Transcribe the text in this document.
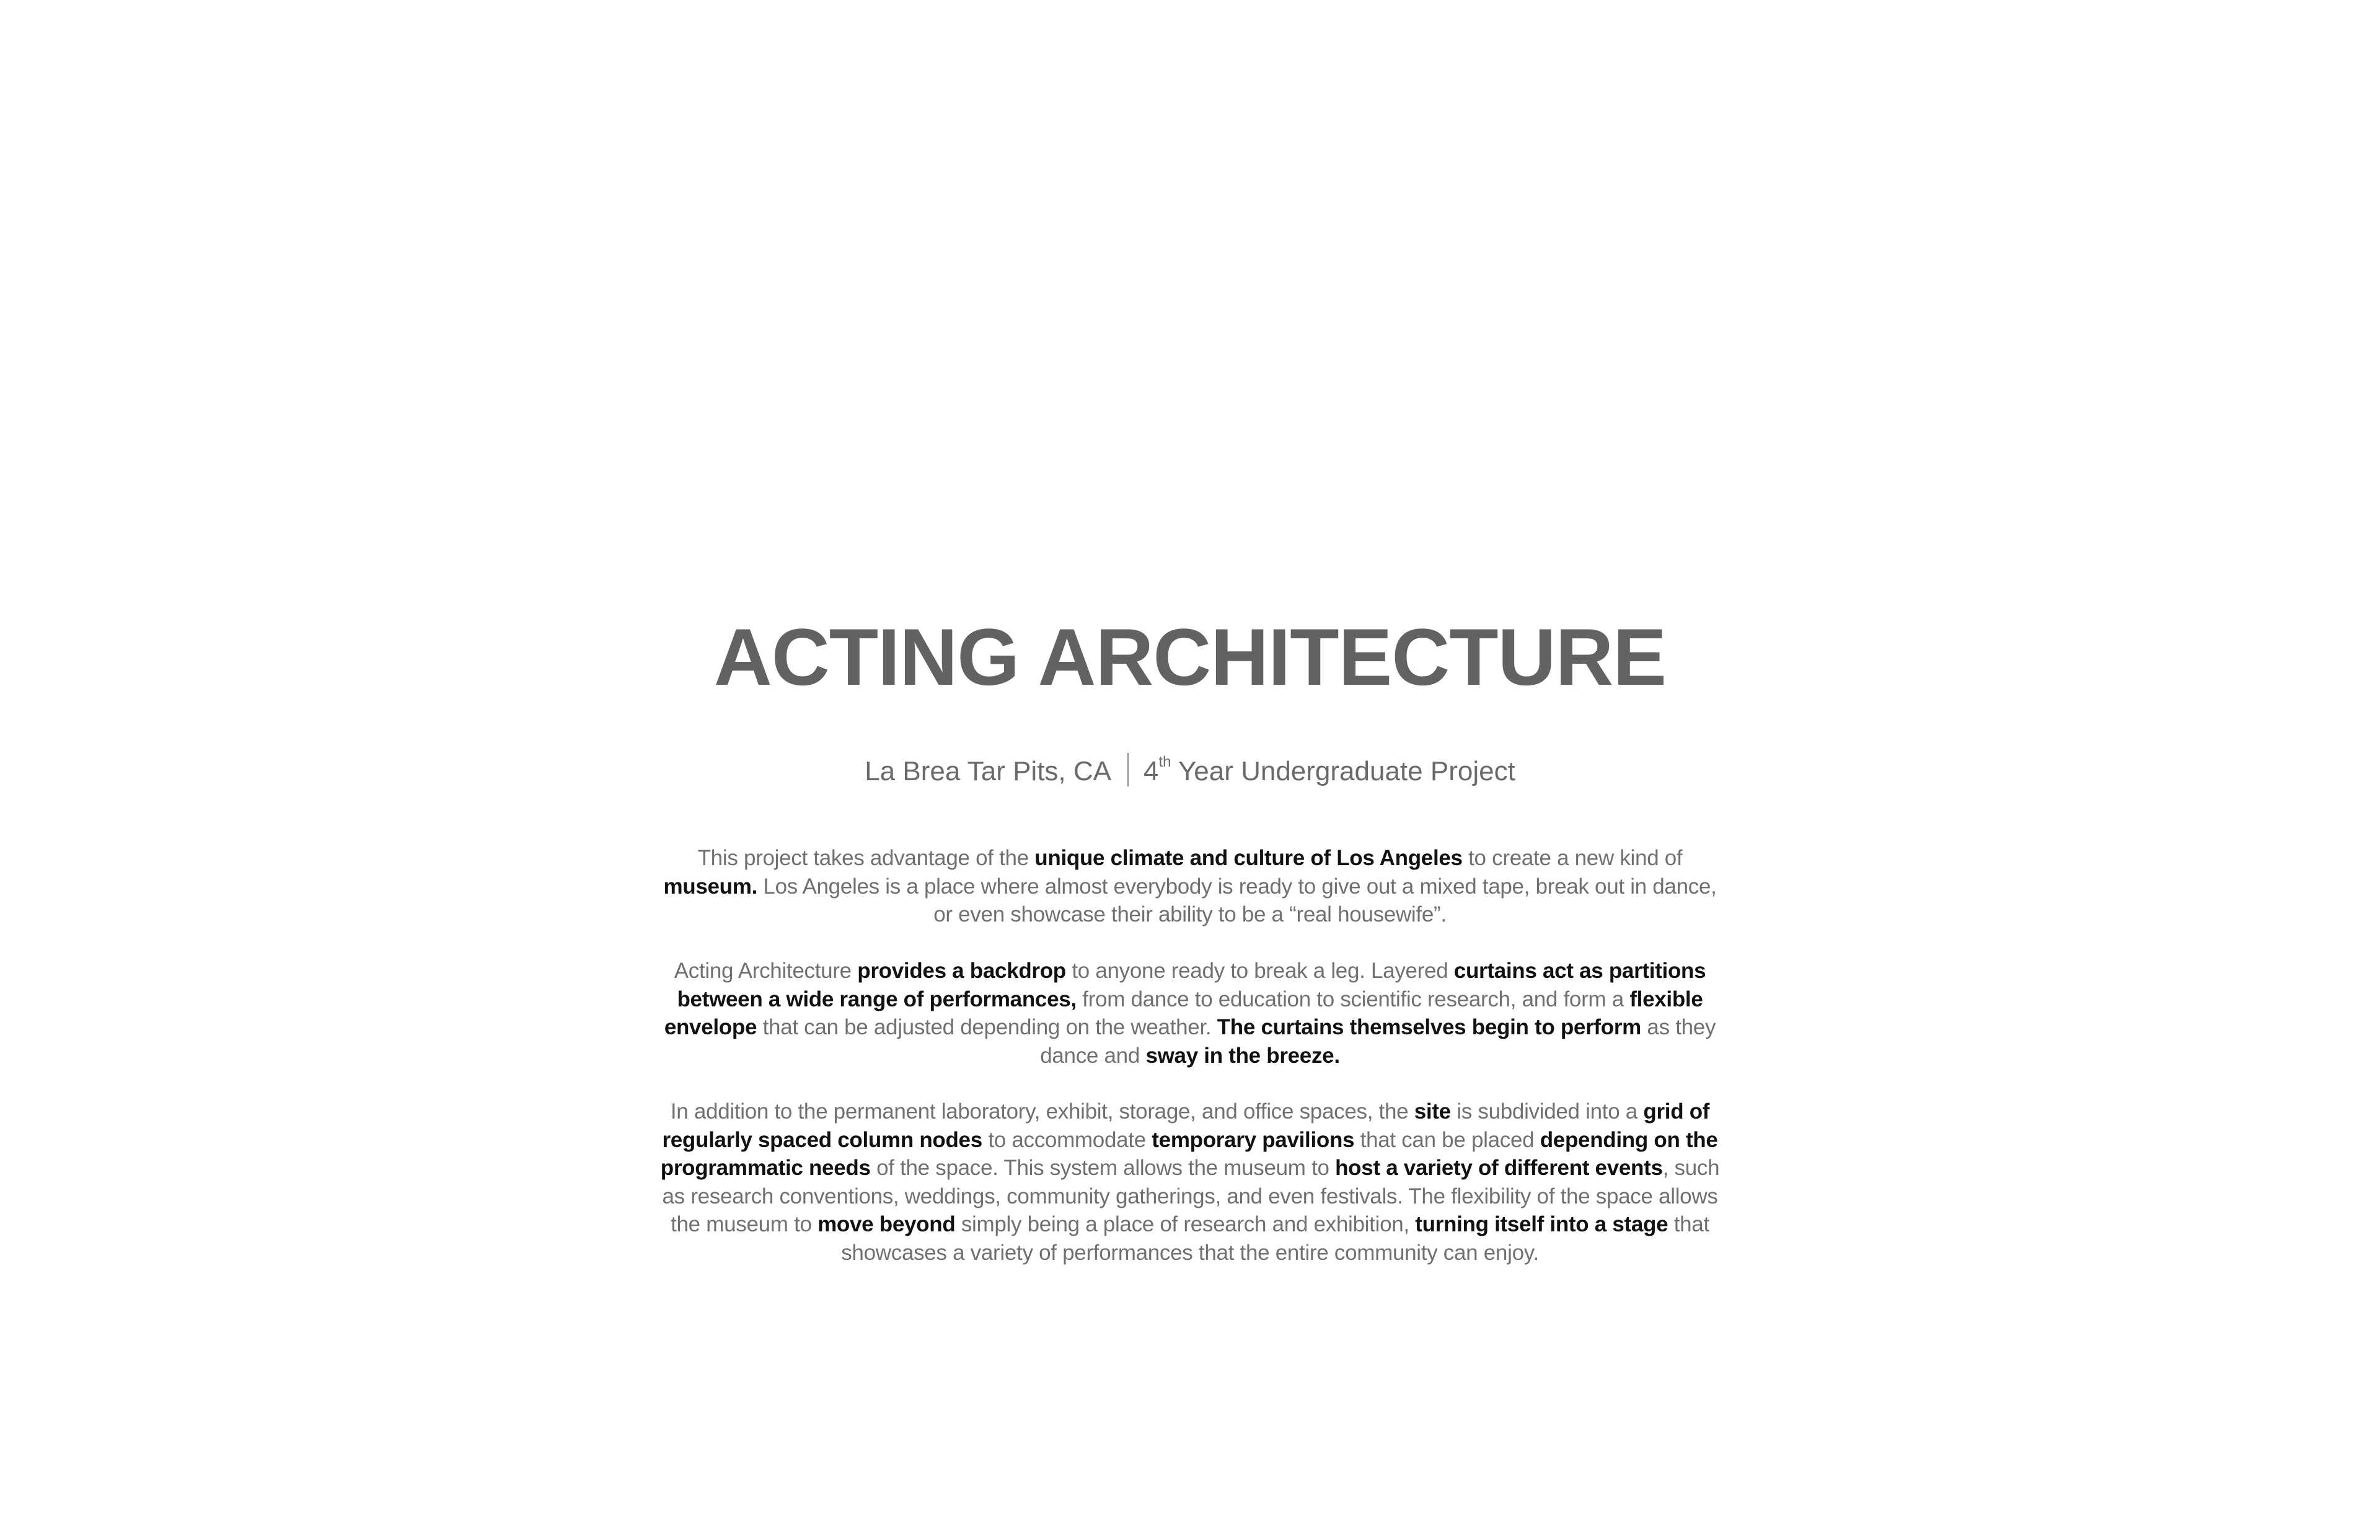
ACTING ARCHITECTURE
La Brea Tar Pits, CA 4th Year Undergraduate Project

This project takes advantage of the unique climate and culture of Los Angeles to create a new kind of museum. Los Angeles is a place where almost everybody is ready to give out a mixed tape, break out in dance, or even showcase their ability to be a “real housewife”.

Acting Architecture provides a backdrop to anyone ready to break a leg. Layered curtains act as partitions between a wide range of performances, from dance to education to scientific research, and form a flexible envelope that can be adjusted depending on the weather. The curtains themselves begin to perform as they dance and sway in the breeze.

In addition to the permanent laboratory, exhibit, storage, and office spaces, the site is subdivided into a grid of regularly spaced column nodes to accommodate temporary pavilions that can be placed depending on the programmatic needs of the space. This system allows the museum to host a variety of different events, such as research conventions, weddings, community gatherings, and even festivals. The flexibility of the space allows the museum to move beyond simply being a place of research and exhibition, turning itself into a stage that showcases a variety of performances that the entire community can enjoy.
